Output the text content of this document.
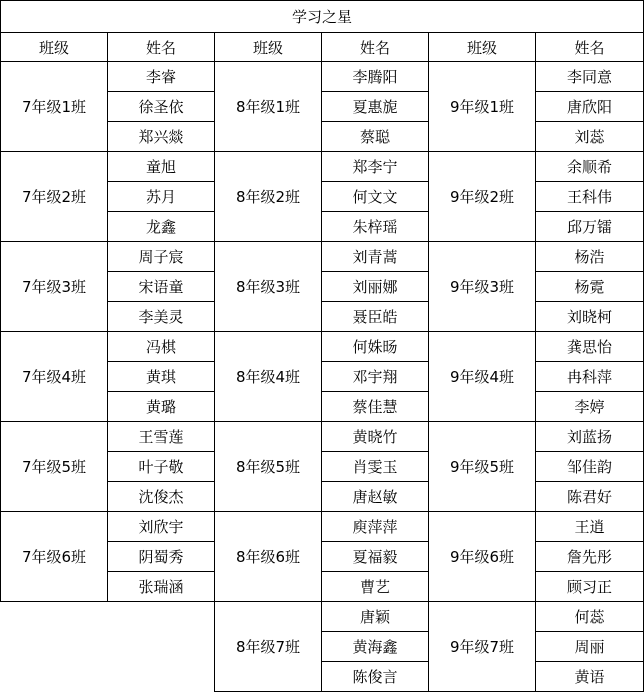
学习之星					
班级	姓名	班级	姓名	班级	姓名
7年级1班	李睿	8年级1班	李腾阳	9年级1班	李同意
	徐圣依		夏惠旎		唐欣阳
	郑兴燚		蔡聪		刘蕊
7年级2班	童旭	8年级2班	郑李宁	9年级2班	余顺希
	苏月		何文文		王科伟
	龙鑫		朱梓瑶		邱万镭
7年级3班	周子宸	8年级3班	刘青蒿	9年级3班	杨浩
	宋语童		刘丽娜		杨霓
	李美灵		聂臣皓		刘晓柯
7年级4班	冯棋	8年级4班	何姝旸	9年级4班	龚思怡
	黄琪		邓宇翔		冉科萍
	黄璐		蔡佳慧		李婷
7年级5班	王雪莲	8年级5班	黄晓竹	9年级5班	刘蓝扬
	叶子敬		肖雯玉		邹佳韵
	沈俊杰		唐赵敏		陈君好
7年级6班	刘欣宇	8年级6班	庾萍萍	9年级6班	王逍
	阴蜀秀		夏福毅		詹先彤
	张瑞涵		曹艺		顾习正
		8年级7班	唐颖	9年级7班	何蕊
			黄海鑫		周丽
			陈俊言		黄语
